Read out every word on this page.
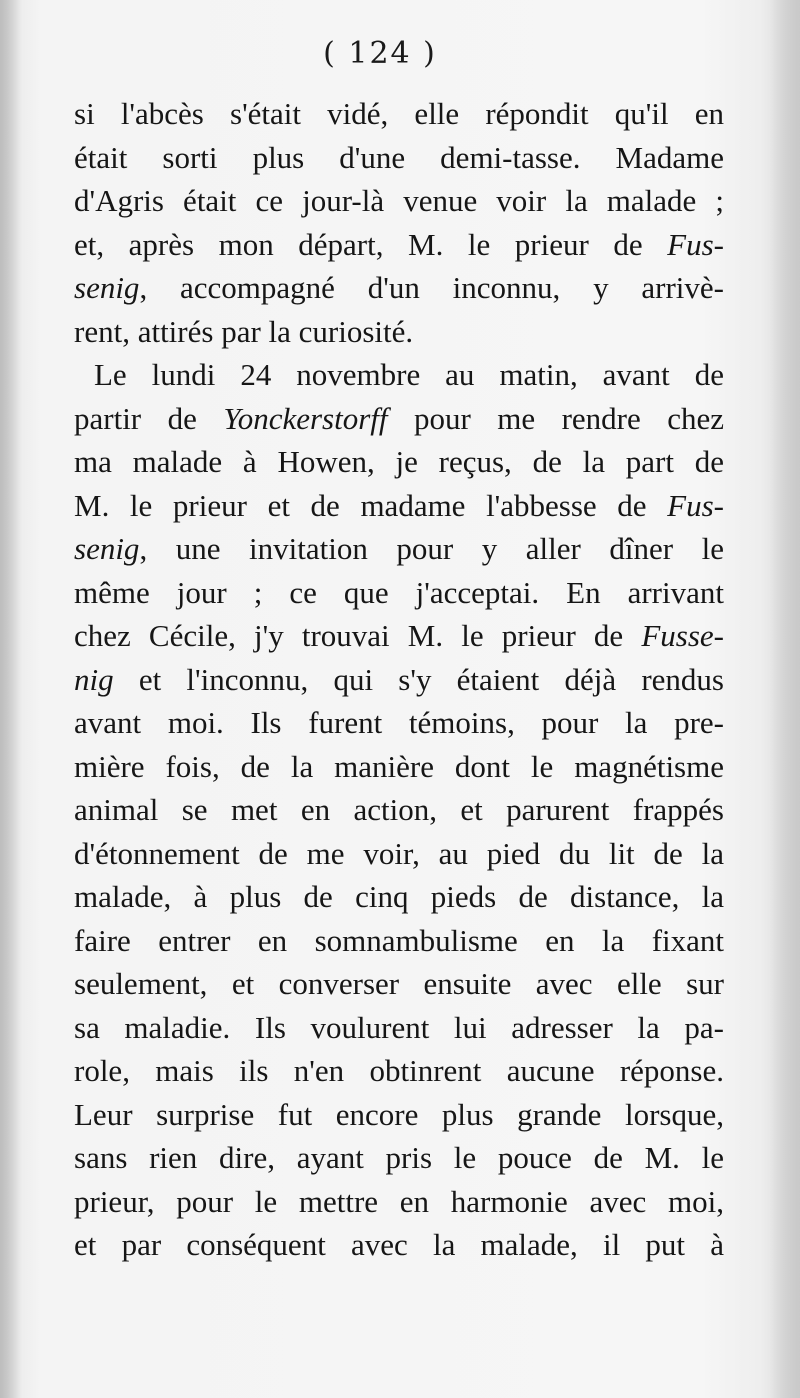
( 124 )
si l'abcès s'était vidé, elle répondit qu'il en
était sorti plus d'une demi-tasse. Madame
d'Agris était ce jour-là venue voir la malade ;
et, après mon départ, M. le prieur de Fus-
senig, accompagné d'un inconnu, y arrivè-
rent, attirés par la curiosité.
Le lundi 24 novembre au matin, avant de
partir de Yonckerstorff pour me rendre chez
ma malade à Howen, je reçus, de la part de
M. le prieur et de madame l'abbesse de Fus-
senig, une invitation pour y aller dîner le
même jour ; ce que j'acceptai. En arrivant
chez Cécile, j'y trouvai M. le prieur de Fusse-
nig et l'inconnu, qui s'y étaient déjà rendus
avant moi. Ils furent témoins, pour la pre-
mière fois, de la manière dont le magnétisme
animal se met en action, et parurent frappés
d'étonnement de me voir, au pied du lit de la
malade, à plus de cinq pieds de distance, la
faire entrer en somnambulisme en la fixant
seulement, et converser ensuite avec elle sur
sa maladie. Ils voulurent lui adresser la pa-
role, mais ils n'en obtinrent aucune réponse.
Leur surprise fut encore plus grande lorsque,
sans rien dire, ayant pris le pouce de M. le
prieur, pour le mettre en harmonie avec moi,
et par conséquent avec la malade, il put à
